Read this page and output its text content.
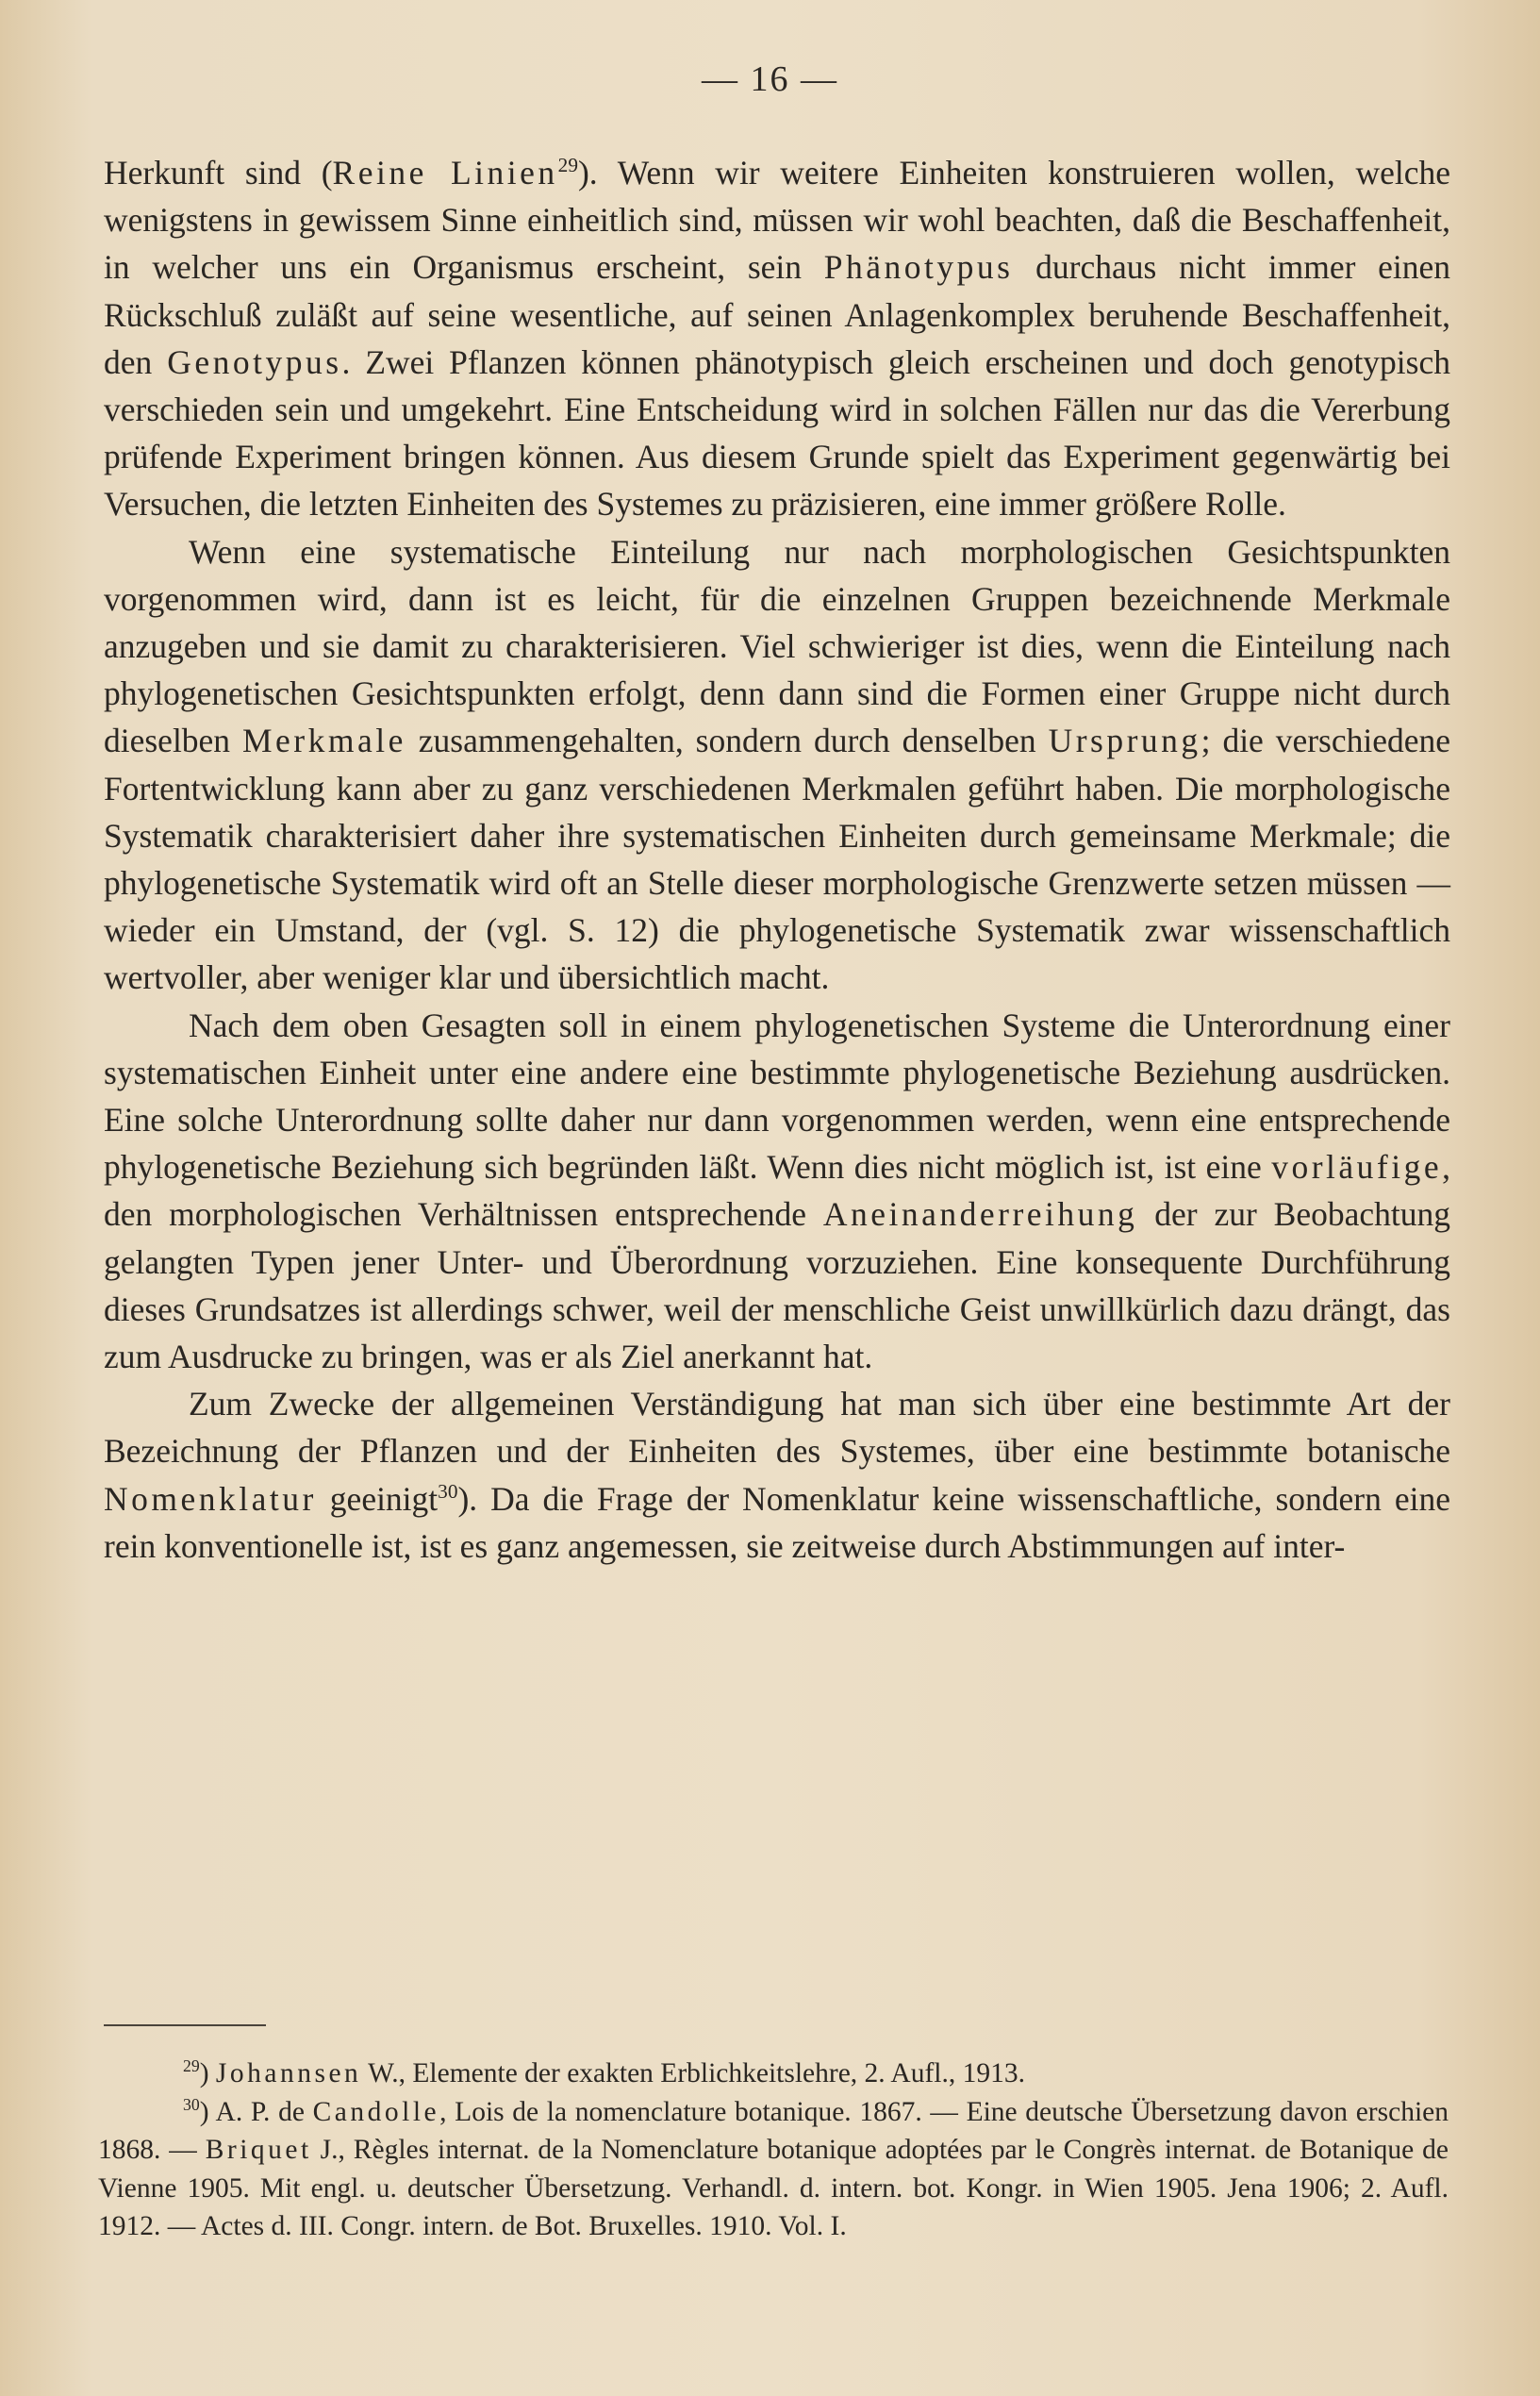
— 16 —

Herkunft sind (Reine Linien$^{29}$). Wenn wir weitere Einheiten konstruieren wollen, welche wenigstens in gewissem Sinne einheitlich sind, müssen wir wohl beachten, daß die Beschaffenheit, in welcher uns ein Organismus erscheint, sein Phänotypus durchaus nicht immer einen Rückschluß zuläßt auf seine wesentliche, auf seinen Anlagenkomplex beruhende Beschaffenheit, den Genotypus. Zwei Pflanzen können phänotypisch gleich erscheinen und doch genotypisch verschieden sein und umgekehrt. Eine Entscheidung wird in solchen Fällen nur das die Vererbung prüfende Experiment bringen können. Aus diesem Grunde spielt das Experiment gegenwärtig bei Versuchen, die letzten Einheiten des Systemes zu präzisieren, eine immer größere Rolle.

Wenn eine systematische Einteilung nur nach morphologischen Gesichtspunkten vorgenommen wird, dann ist es leicht, für die einzelnen Gruppen bezeichnende Merkmale anzugeben und sie damit zu charakterisieren. Viel schwieriger ist dies, wenn die Einteilung nach phylogenetischen Gesichtspunkten erfolgt, denn dann sind die Formen einer Gruppe nicht durch dieselben Merkmale zusammengehalten, sondern durch denselben Ursprung; die verschiedene Fortentwicklung kann aber zu ganz verschiedenen Merkmalen geführt haben. Die morphologische Systematik charakterisiert daher ihre systematischen Einheiten durch gemeinsame Merkmale; die phylogenetische Systematik wird oft an Stelle dieser morphologische Grenzwerte setzen müssen — wieder ein Umstand, der (vgl. S. 12) die phylogenetische Systematik zwar wissenschaftlich wertvoller, aber weniger klar und übersichtlich macht.

Nach dem oben Gesagten soll in einem phylogenetischen Systeme die Unterordnung einer systematischen Einheit unter eine andere eine bestimmte phylogenetische Beziehung ausdrücken. Eine solche Unterordnung sollte daher nur dann vorgenommen werden, wenn eine entsprechende phylogenetische Beziehung sich begründen läßt. Wenn dies nicht möglich ist, ist eine vorläufige, den morphologischen Verhältnissen entsprechende Aneinanderreihung der zur Beobachtung gelangten Typen jener Unter- und Überordnung vorzuziehen. Eine konsequente Durchführung dieses Grundsatzes ist allerdings schwer, weil der menschliche Geist unwillkürlich dazu drängt, das zum Ausdrucke zu bringen, was er als Ziel anerkannt hat.

Zum Zwecke der allgemeinen Verständigung hat man sich über eine bestimmte Art der Bezeichnung der Pflanzen und der Einheiten des Systemes, über eine bestimmte botanische Nomenklatur geeinigt$^{30}$). Da die Frage der Nomenklatur keine wissenschaftliche, sondern eine rein konventionelle ist, ist es ganz angemessen, sie zeitweise durch Abstimmungen auf inter-

$^{29}$) Johannsen W., Elemente der exakten Erblichkeitslehre, 2. Aufl., 1913.

$^{30}$) A. P. de Candolle, Lois de la nomenclature botanique. 1867. — Eine deutsche Übersetzung davon erschien 1868. — Briquet J., Règles internat. de la Nomenclature botanique adoptées par le Congrès internat. de Botanique de Vienne 1905. Mit engl. u. deutscher Übersetzung. Verhandl. d. intern. bot. Kongr. in Wien 1905. Jena 1906; 2. Aufl. 1912. — Actes d. III. Congr. intern. de Bot. Bruxelles. 1910. Vol. I.
